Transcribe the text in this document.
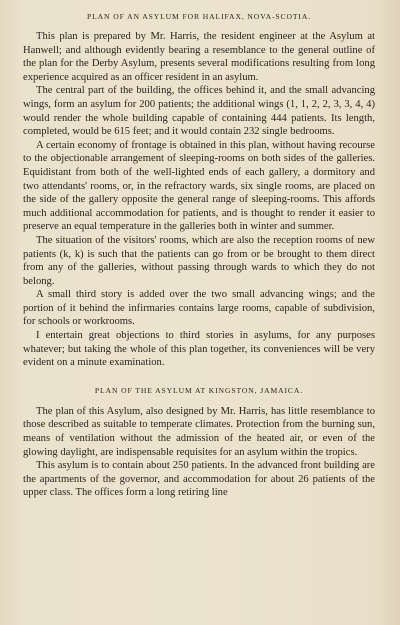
PLAN OF AN ASYLUM FOR HALIFAX, NOVA-SCOTIA.

This plan is prepared by Mr. Harris, the resident engineer at the Asylum at Hanwell; and although evidently bearing a resemblance to the general outline of the plan for the Derby Asylum, presents several modifications resulting from long experience acquired as an officer resident in an asylum.

The central part of the building, the offices behind it, and the small advancing wings, form an asylum for 200 patients; the additional wings (1, 1, 2, 2, 3, 3, 4, 4) would render the whole building capable of containing 444 patients. Its length, completed, would be 615 feet; and it would contain 232 single bedrooms.

A certain economy of frontage is obtained in this plan, without having recourse to the objectionable arrangement of sleeping-rooms on both sides of the galleries. Equidistant from both of the well-lighted ends of each gallery, a dormitory and two attendants' rooms, or, in the refractory wards, six single rooms, are placed on the side of the gallery opposite the general range of sleeping-rooms. This affords much additional accommodation for patients, and is thought to render it easier to preserve an equal temperature in the galleries both in winter and summer.

The situation of the visitors' rooms, which are also the reception rooms of new patients (k, k) is such that the patients can go from or be brought to them direct from any of the galleries, without passing through wards to which they do not belong.

A small third story is added over the two small advancing wings; and the portion of it behind the infirmaries contains large rooms, capable of subdivision, for schools or workrooms.

I entertain great objections to third stories in asylums, for any purposes whatever; but taking the whole of this plan together, its conveniences will be very evident on a minute examination.

PLAN OF THE ASYLUM AT KINGSTON, JAMAICA.

The plan of this Asylum, also designed by Mr. Harris, has little resemblance to those described as suitable to temperate climates. Protection from the burning sun, means of ventilation without the admission of the heated air, or even of the glowing daylight, are indispensable requisites for an asylum within the tropics.

This asylum is to contain about 250 patients. In the advanced front building are the apartments of the governor, and accommodation for about 26 patients of the upper class. The offices form a long retiring line
